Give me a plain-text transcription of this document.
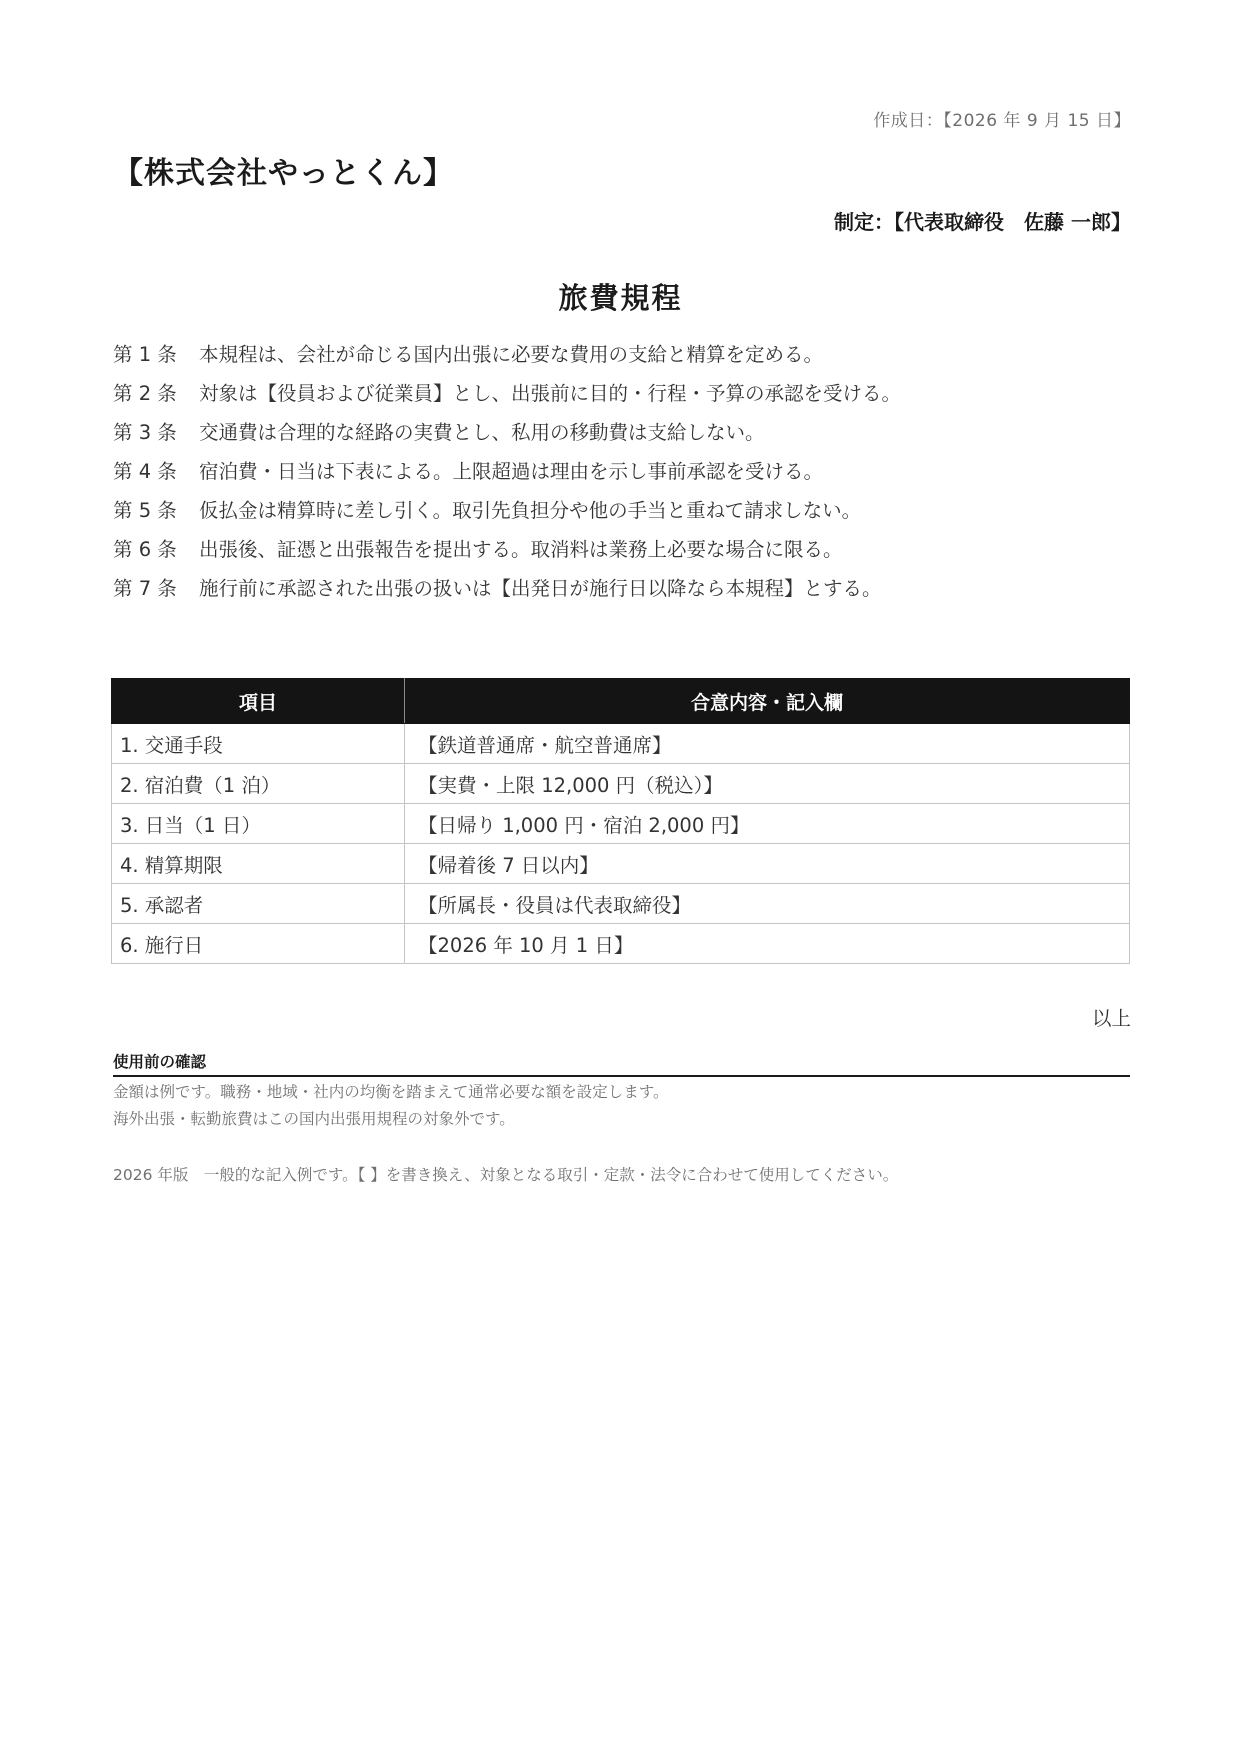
作成日：【2026 年 9 月 15 日】
【株式会社やっとくん】
制定：【代表取締役　佐藤 一郎】
旅費規程
第 1 条 本規程は、会社が命じる国内出張に必要な費用の支給と精算を定める。
第 2 条 対象は【役員および従業員】とし、出張前に目的・行程・予算の承認を受ける。
第 3 条 交通費は合理的な経路の実費とし、私用の移動費は支給しない。
第 4 条 宿泊費・日当は下表による。上限超過は理由を示し事前承認を受ける。
第 5 条 仮払金は精算時に差し引く。取引先負担分や他の手当と重ねて請求しない。
第 6 条 出張後、証憑と出張報告を提出する。取消料は業務上必要な場合に限る。
第 7 条 施行前に承認された出張の扱いは【出発日が施行日以降なら本規程】とする。
項目	合意内容・記入欄
1. 交通手段	【鉄道普通席・航空普通席】
2. 宿泊費（1 泊）	【実費・上限 12,000 円（税込）】
3. 日当（1 日）	【日帰り 1,000 円・宿泊 2,000 円】
4. 精算期限	【帰着後 7 日以内】
5. 承認者	【所属長・役員は代表取締役】
6. 施行日	【2026 年 10 月 1 日】
以上
使用前の確認
金額は例です。職務・地域・社内の均衡を踏まえて通常必要な額を設定します。
海外出張・転勤旅費はこの国内出張用規程の対象外です。
2026 年版　一般的な記入例です。【 】を書き換え、対象となる取引・定款・法令に合わせて使用してください。
